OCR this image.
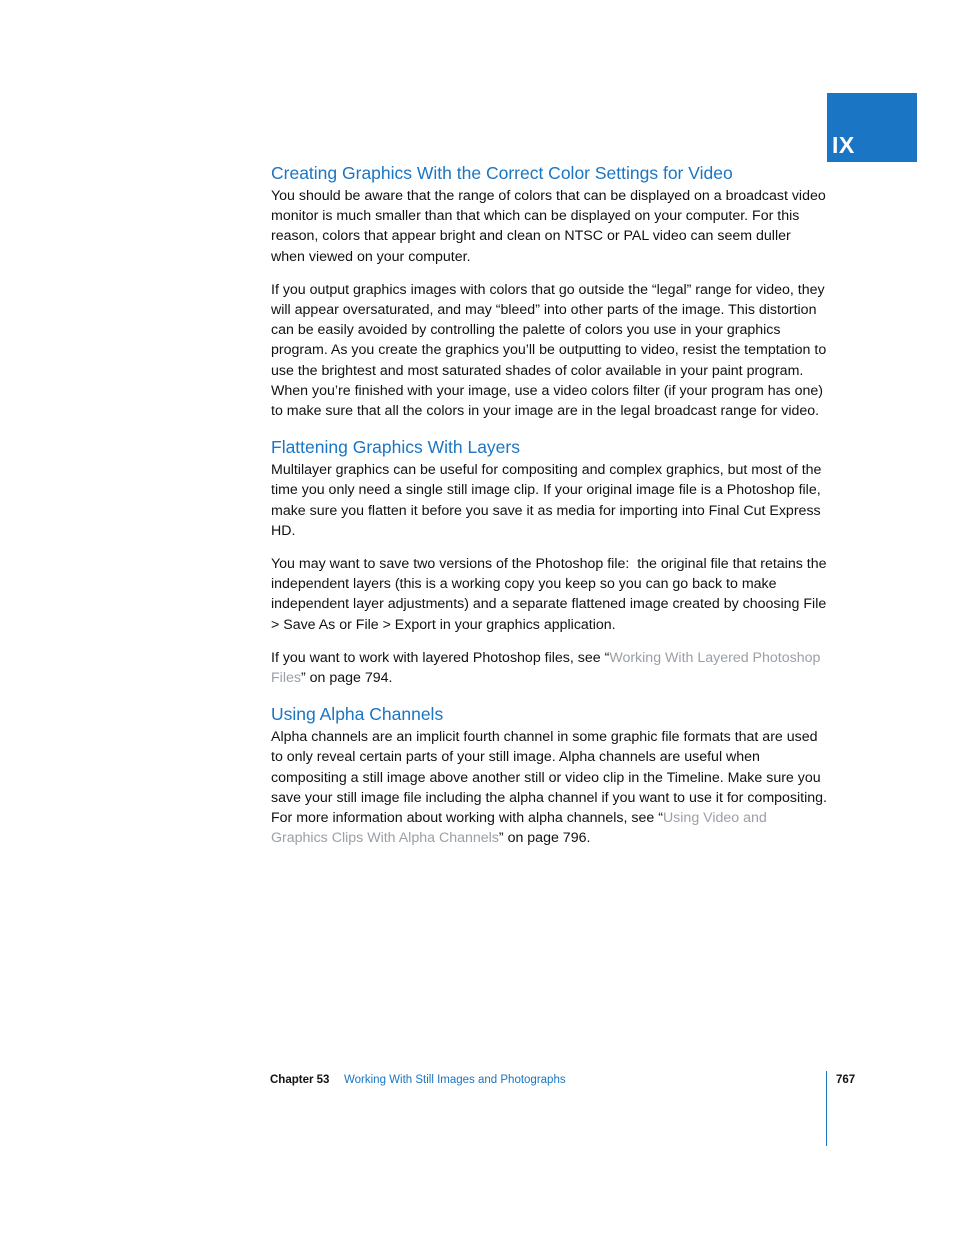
IX
Creating Graphics With the Correct Color Settings for Video

You should be aware that the range of colors that can be displayed on a broadcast video monitor is much smaller than that which can be displayed on your computer. For this reason, colors that appear bright and clean on NTSC or PAL video can seem duller when viewed on your computer.

If you output graphics images with colors that go outside the “legal” range for video, they will appear oversaturated, and may “bleed” into other parts of the image. This distortion can be easily avoided by controlling the palette of colors you use in your graphics program. As you create the graphics you’ll be outputting to video, resist the temptation to use the brightest and most saturated shades of color available in your paint program. When you’re finished with your image, use a video colors filter (if your program has one) to make sure that all the colors in your image are in the legal broadcast range for video.

Flattening Graphics With Layers

Multilayer graphics can be useful for compositing and complex graphics, but most of the time you only need a single still image clip. If your original image file is a Photoshop file, make sure you flatten it before you save it as media for importing into Final Cut Express HD.

You may want to save two versions of the Photoshop file:  the original file that retains the independent layers (this is a working copy you keep so you can go back to make independent layer adjustments) and a separate flattened image created by choosing File > Save As or File > Export in your graphics application.

If you want to work with layered Photoshop files, see “Working With Layered Photoshop Files” on page 794.

Using Alpha Channels

Alpha channels are an implicit fourth channel in some graphic file formats that are used to only reveal certain parts of your still image. Alpha channels are useful when compositing a still image above another still or video clip in the Timeline. Make sure you save your still image file including the alpha channel if you want to use it for compositing. For more information about working with alpha channels, see “Using Video and Graphics Clips With Alpha Channels” on page 796.

Chapter 53 Working With Still Images and Photographs	767
